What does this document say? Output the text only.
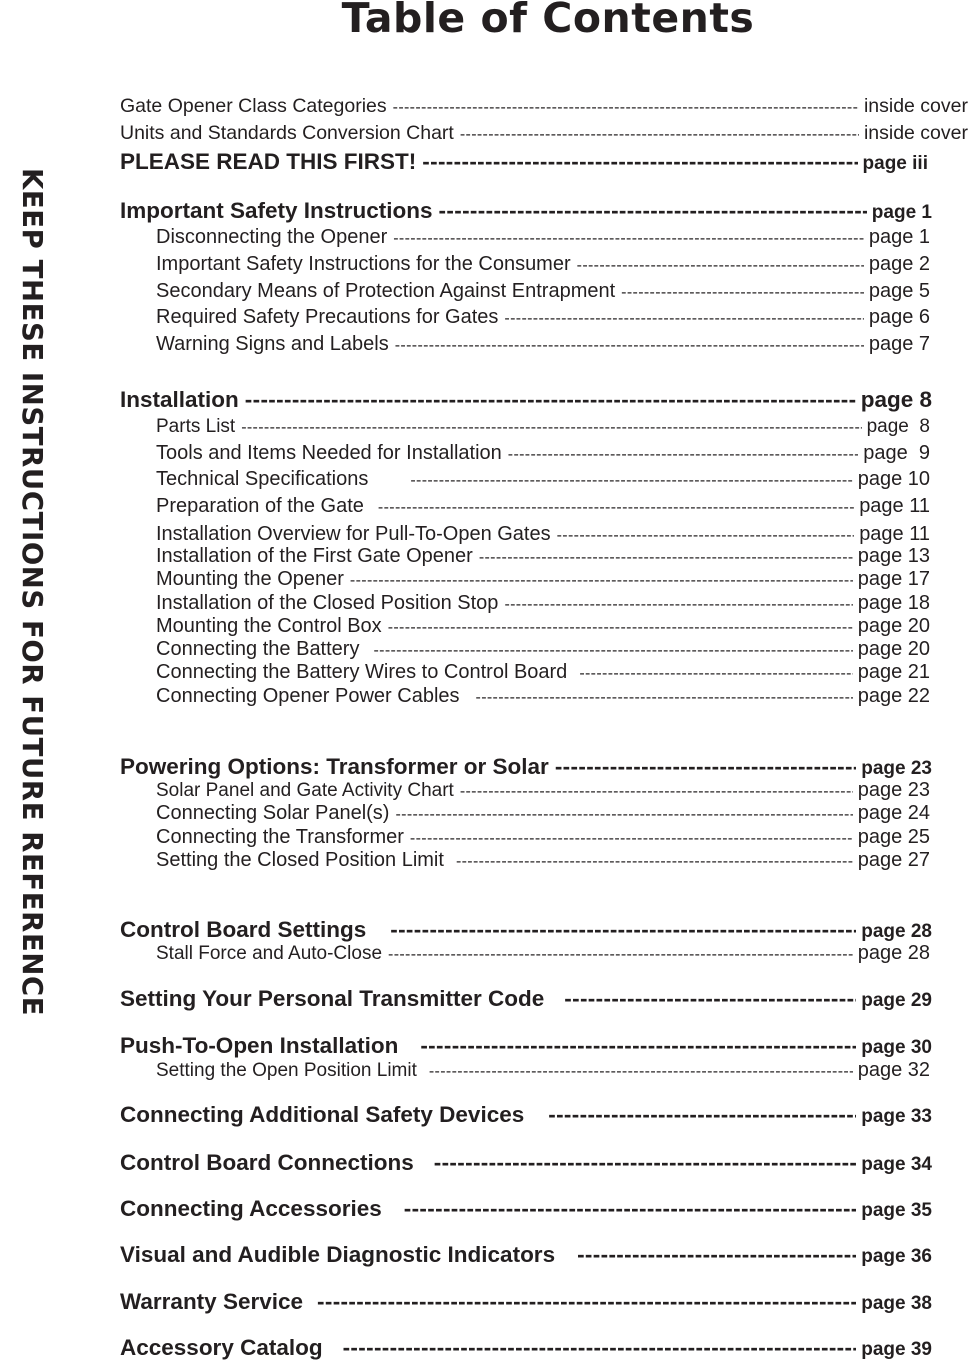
Table of Contents
KEEP THESE INSTRUCTIONS FOR FUTURE REFERENCE
Gate Opener Class Categories -----	inside cover
Units and Standards Conversion Chart -----	inside cover
PLEASE READ THIS FIRST! -----	page iii
Important Safety Instructions -----	page 1
Disconnecting the Opener -----	page 1
Important Safety Instructions for the Consumer -----	page 2
Secondary Means of Protection Against Entrapment -----	page 5
Required Safety Precautions for Gates -----	page 6
Warning Signs and Labels -----	page 7
Installation -----	page 8
Parts List -----	page  8
Tools and Items Needed for Installation -----	page  9
Technical Specifications -----	page 10
Preparation of the Gate -----	page 11
Installation Overview for Pull-To-Open Gates -----	page 11
Installation of the First Gate Opener -----	page 13
Mounting the Opener -----	page 17
Installation of the Closed Position Stop -----	page 18
Mounting the Control Box -----	page 20
Connecting the Battery -----	page 20
Connecting the Battery Wires to Control Board -----	page 21
Connecting Opener Power Cables -----	page 22
Powering Options: Transformer or Solar -----	page 23
Solar Panel and Gate Activity Chart -----	page 23
Connecting Solar Panel(s) -----	page 24
Connecting the Transformer -----	page 25
Setting the Closed Position Limit -----	page 27
Control Board Settings -----	page 28
Stall Force and Auto-Close -----	page 28
Setting Your Personal Transmitter Code -----	page 29
Push-To-Open Installation -----	page 30
Setting the Open Position Limit -----	page 32
Connecting Additional Safety Devices -----	page 33
Control Board Connections -----	page 34
Connecting Accessories -----	page 35
Visual and Audible Diagnostic Indicators -----	page 36
Warranty Service -----	page 38
Accessory Catalog -----	page 39
